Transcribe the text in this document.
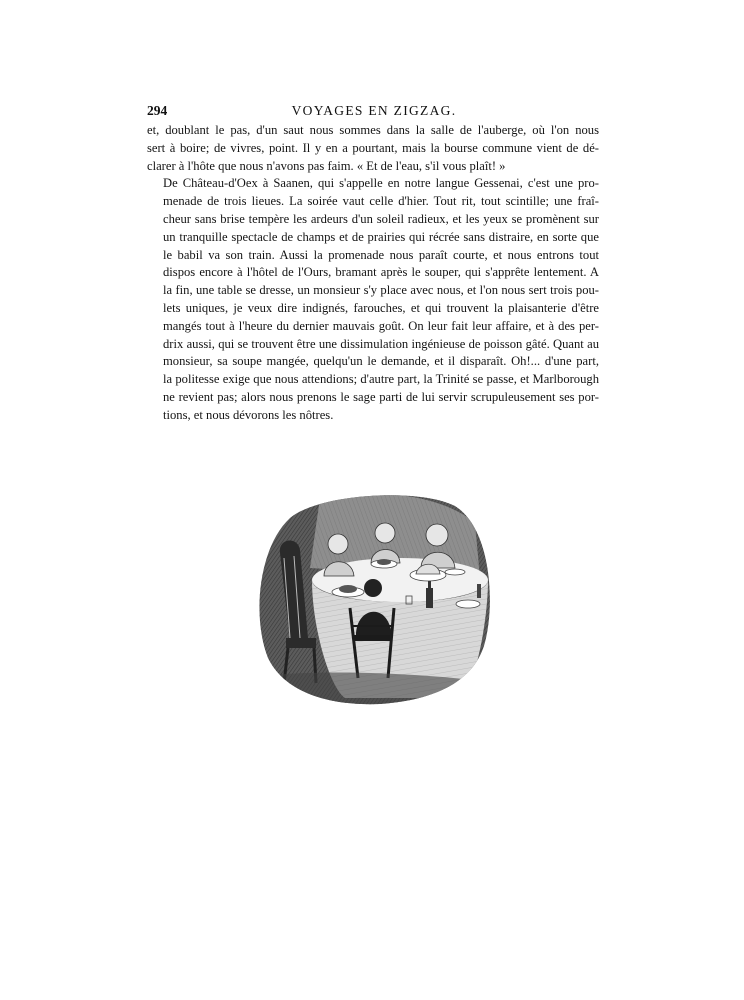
294	VOYAGES EN ZIGZAG.

et, doublant le pas, d'un saut nous sommes dans la salle de l'auberge, où l'on nous
sert à boire; de vivres, point. Il y en a pourtant, mais la bourse commune vient de dé-
clarer à l'hôte que nous n'avons pas faim. « Et de l'eau, s'il vous plaît! »

De Château-d'Oex à Saanen, qui s'appelle en notre langue Gessenai, c'est une pro-
menade de trois lieues. La soirée vaut celle d'hier. Tout rit, tout scintille; une fraî-
cheur sans brise tempère les ardeurs d'un soleil radieux, et les yeux se promènent sur
un tranquille spectacle de champs et de prairies qui récrée sans distraire, en sorte que
le babil va son train. Aussi la promenade nous paraît courte, et nous entrons tout
dispos encore à l'hôtel de l'Ours, bramant après le souper, qui s'apprête lentement. A
la fin, une table se dresse, un monsieur s'y place avec nous, et l'on nous sert trois pou-
lets uniques, je veux dire indignés, farouches, et qui trouvent la plaisanterie d'être
mangés tout à l'heure du dernier mauvais goût. On leur fait leur affaire, et à des per-
drix aussi, qui se trouvent être une dissimulation ingénieuse de poisson gâté. Quant au
monsieur, sa soupe mangée, quelqu'un le demande, et il disparaît. Oh!... d'une part,
la politesse exige que nous attendions; d'autre part, la Trinité se passe, et Marlborough
ne revient pas; alors nous prenons le sage parti de lui servir scrupuleusement ses por-
tions, et nous dévorons les nôtres.
